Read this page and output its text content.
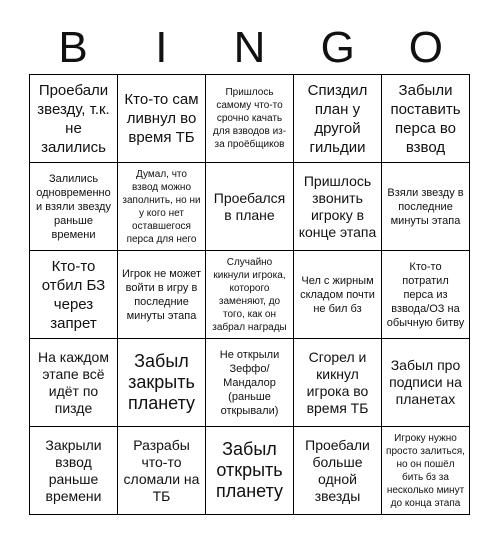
B	I	N	G	O
Проебали звезду, т.к. не залились
Кто-то сам ливнул во время ТБ
Пришлось самому что-то срочно качать для взводов из-за проёбщиков
Спиздил план у другой гильдии
Забыли поставить перса во взвод
Залились одновременно и взяли звезду раньше времени
Думал, что взвод можно заполнить, но ни у кого нет оставшегося перса для него
Проебался в плане
Пришлось звонить игроку в конце этапа
Взяли звезду в последние минуты этапа
Кто-то отбил БЗ через запрет
Игрок не может войти в игру в последние минуты этапа
Случайно кикнули игрока, которого заменяют, до того, как он забрал награды
Чел с жирным складом почти не бил бз
Кто-то потратил перса из взвода/ОЗ на обычную битву
На каждом этапе всё идёт по пизде
Забыл закрыть планету
Не открыли Зеффо/ Мандалор (раньше открывали)
Сгорел и кикнул игрока во время ТБ
Забыл про подписи на планетах
Закрыли взвод раньше времени
Разрабы что-то сломали на ТБ
Забыл открыть планету
Проебали больше одной звезды
Игроку нужно просто залиться, но он пошёл бить бз за несколько минут до конца этапа
